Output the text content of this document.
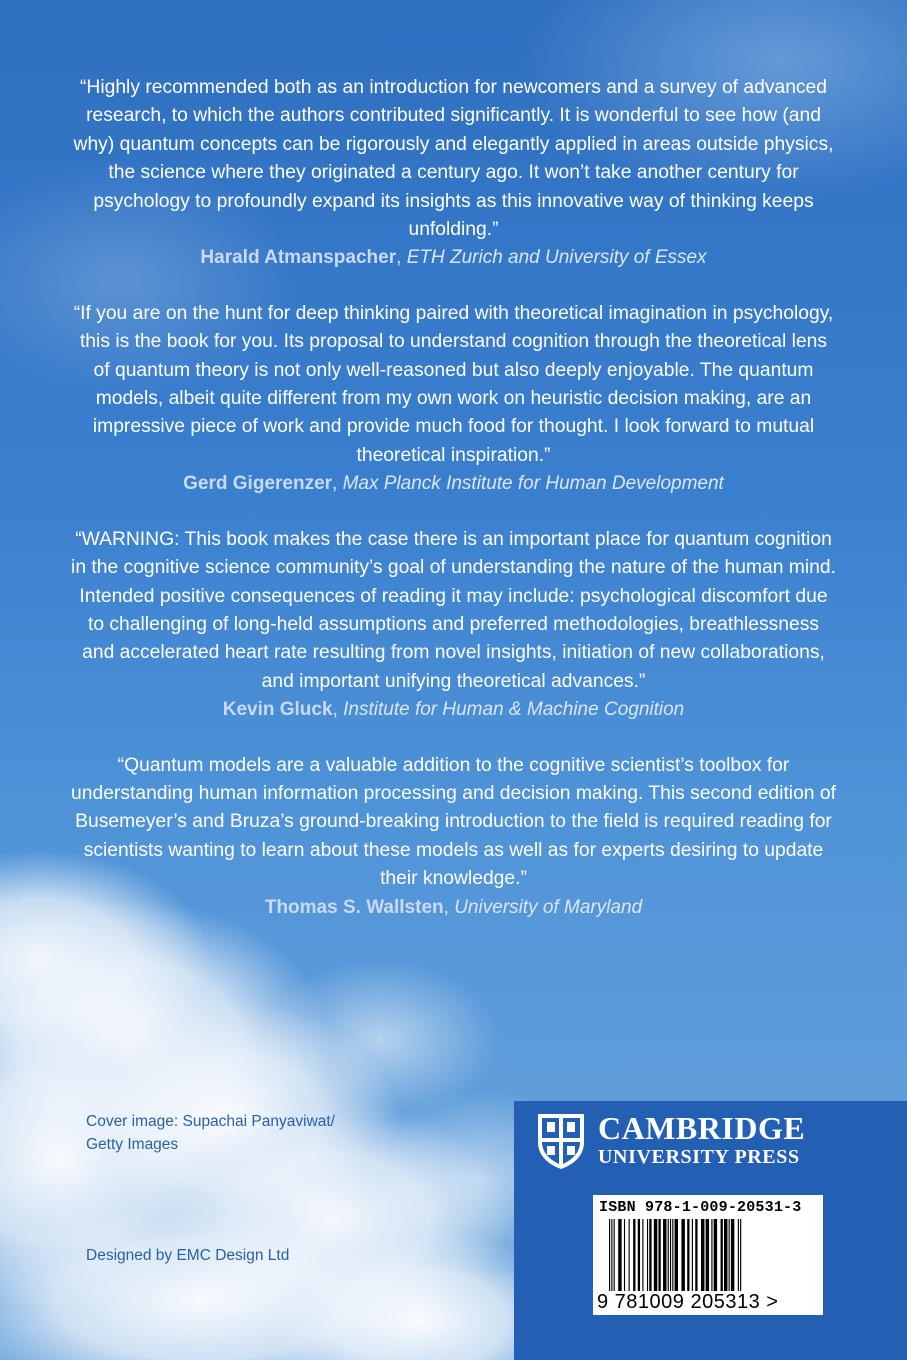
“Highly recommended both as an introduction for newcomers and a survey of advanced research, to which the authors contributed significantly. It is wonderful to see how (and why) quantum concepts can be rigorously and elegantly applied in areas outside physics, the science where they originated a century ago. It won’t take another century for psychology to profoundly expand its insights as this innovative way of thinking keeps unfolding.”

Harald Atmanspacher, ETH Zurich and University of Essex

“If you are on the hunt for deep thinking paired with theoretical imagination in psychology, this is the book for you. Its proposal to understand cognition through the theoretical lens of quantum theory is not only well-reasoned but also deeply enjoyable. The quantum models, albeit quite different from my own work on heuristic decision making, are an impressive piece of work and provide much food for thought. I look forward to mutual theoretical inspiration.”

Gerd Gigerenzer, Max Planck Institute for Human Development

“WARNING: This book makes the case there is an important place for quantum cognition in the cognitive science community’s goal of understanding the nature of the human mind. Intended positive consequences of reading it may include: psychological discomfort due to challenging of long-held assumptions and preferred methodologies, breathlessness and accelerated heart rate resulting from novel insights, initiation of new collaborations, and important unifying theoretical advances.”

Kevin Gluck, Institute for Human & Machine Cognition

“Quantum models are a valuable addition to the cognitive scientist’s toolbox for understanding human information processing and decision making. This second edition of Busemeyer’s and Bruza’s ground-breaking introduction to the field is required reading for scientists wanting to learn about these models as well as for experts desiring to update their knowledge.”

Thomas S. Wallsten, University of Maryland

Cover image: Supachai Panyaviwat/
Getty Images
Designed by EMC Design Ltd
CAMBRIDGE
UNIVERSITY PRESS
ISBN 978-1-009-20531-3
9 781009 205313 >
